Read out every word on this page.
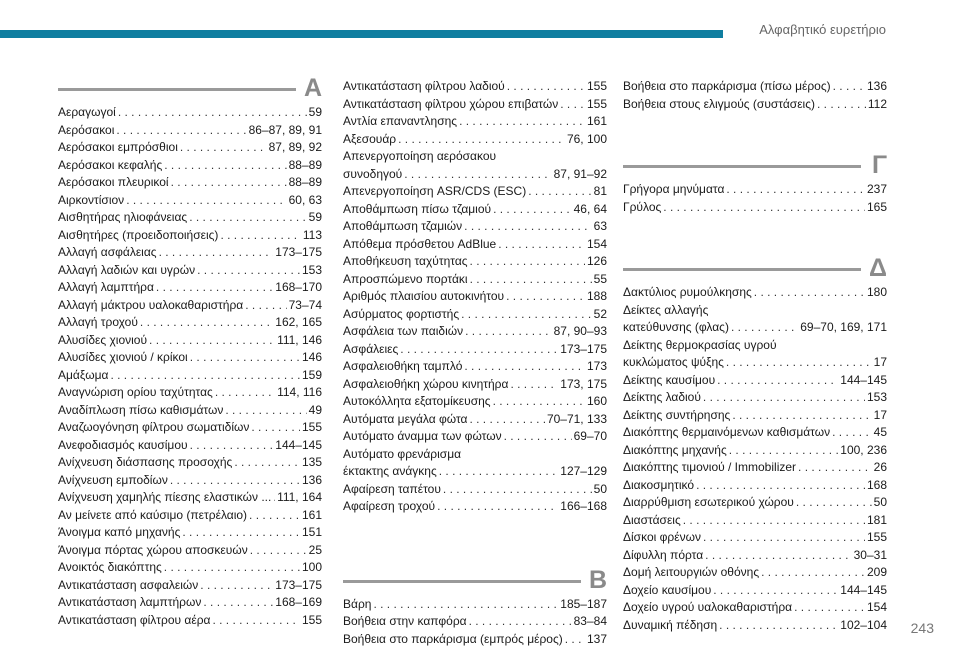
Αλφαβητικό ευρετήριο
Α
Αεραγωγοί . . .	59
Αερόσακοι . . .	86–87, 89, 91
Αερόσακοι εμπρόσθιοι . . .	87, 89, 92
Αερόσακοι κεφαλής . . .	88–89
Αερόσακοι πλευρικοί . . .	88–89
Αιρκοντίσιον . . .	60, 63
Αισθητήρας ηλιοφάνειας . . .	59
Αισθητήρες (προειδοποιήσεις) . . .	113
Αλλαγή ασφάλειας . . .	173–175
Αλλαγή λαδιών και υγρών . . .	153
Αλλαγή λαμπτήρα . . .	168–170
Αλλαγή μάκτρου υαλοκαθαριστήρα . . .	73–74
Αλλαγή τροχού . . .	162, 165
Αλυσίδες χιονιού . . .	111, 146
Αλυσίδες χιονιού / κρίκοι . . .	146
Αμάξωμα . . .	159
Αναγνώριση ορίου ταχύτητας . . .	114, 116
Αναδίπλωση πίσω καθισμάτων . . .	49
Αναζωογόνηση φίλτρου σωματιδίων . . .	155
Ανεφοδιασμός καυσίμου . . .	144–145
Ανίχνευση διάσπασης προσοχής . . .	135
Ανίχνευση εμποδίων . . .	136
Ανίχνευση χαμηλής πίεσης ελαστικών ... . . . 111, 164
Αν μείνετε από καύσιμο (πετρέλαιο) . . .	161
Άνοιγμα καπό μηχανής . . .	151
Άνοιγμα πόρτας χώρου αποσκευών . . .	25
Ανοικτός διακόπτης . . .	100
Αντικατάσταση ασφαλειών . . .	173–175
Αντικατάσταση λαμπτήρων . . .	168–169
Αντικατάσταση φίλτρου αέρα . . .	155
Αντικατάσταση φίλτρου λαδιού . . .	155
Αντικατάσταση φίλτρου χώρου επιβατών . . . 155
Αντλία επαναντλησης . . .	161
Αξεσουάρ . . .	76, 100
Απενεργοποίηση αερόσακου
συνοδηγού . . .	87, 91–92
Απενεργοποίηση ASR/CDS (ESC) . . .	81
Αποθάμπωση πίσω τζαμιού . . .	46, 64
Αποθάμπωση τζαμιών . . .	63
Απόθεμα πρόσθετου AdBlue . . .	154
Αποθήκευση ταχύτητας . . .	126
Απροσπώμενο πορτάκι . . .	55
Αριθμός πλαισίου αυτοκινήτου . . .	188
Ασύρματος φορτιστής . . .	52
Ασφάλεια των παιδιών . . .	87, 90–93
Ασφάλειες . . .	173–175
Ασφαλειοθήκη ταμπλό . . .	173
Ασφαλειοθήκη χώρου κινητήρα . . .	173, 175
Αυτοκόλλητα εξατομίκευσης . . .	160
Αυτόματα μεγάλα φώτα . . .	70–71, 133
Αυτόματο άναμμα των φώτων . . .	69–70
Αυτόματο φρενάρισμα
έκτακτης ανάγκης . . .	127–129
Αφαίρεση ταπέτου . . .	50
Αφαίρεση τροχού . . .	166–168
Β
Βάρη . . .	185–187
Βοήθεια στην καπφόρα . . .	83–84
Βοήθεια στο παρκάρισμα (εμπρός μέρος) . . . 137
Βοήθεια στο παρκάρισμα (πίσω μέρος) . . .	136
Βοήθεια στους ελιγμούς (συστάσεις) . . .	112
Γ
Γρήγορα μηνύματα . . .	237
Γρύλος . . .	165
Δ
Δακτύλιος ρυμούλκησης . . .	180
Δείκτες αλλαγής
κατεύθυνσης (φλας) . . .	69–70, 169, 171
Δείκτης θερμοκρασίας υγρού
κυκλώματος ψύξης . . .	17
Δείκτης καυσίμου . . .	144–145
Δείκτης λαδιού . . .	153
Δείκτης συντήρησης . . .	17
Διακόπτης θερμαινόμενων καθισμάτων . . .	45
Διακόπτης μηχανής . . .	100, 236
Διακόπτης τιμονιού / Immobilizer . . .	26
Διακοσμητικό . . .	168
Διαρρύθμιση εσωτερικού χώρου . . .	50
Διαστάσεις . . .	181
Δίσκοι φρένων . . .	155
Δίφυλλη πόρτα . . .	30–31
Δομή λειτουργιών οθόνης . . .	209
Δοχείο καυσίμου . . .	144–145
Δοχείο υγρού υαλοκαθαριστήρα . . .	154
Δυναμική πέδηση . . .	102–104 243
